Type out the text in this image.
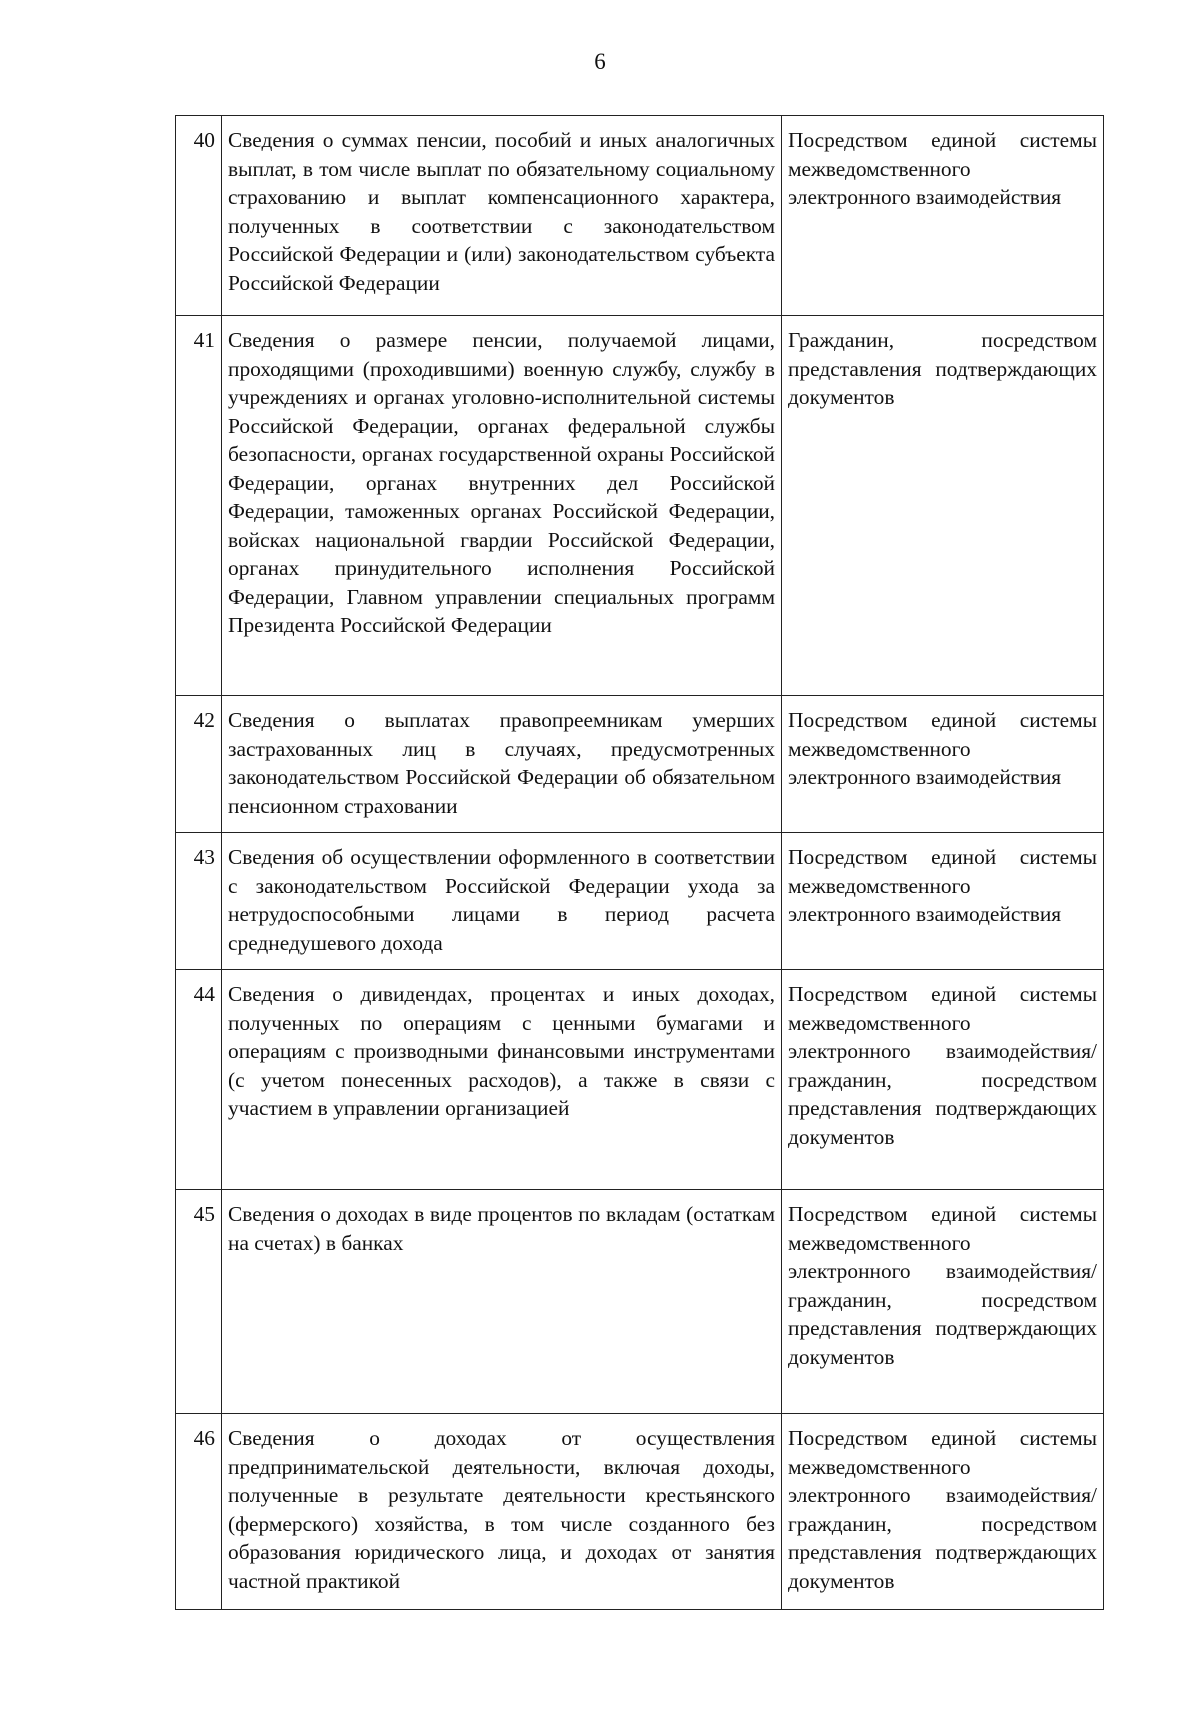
6
40	Сведения о суммах пенсии, пособий и иных аналогичных выплат, в том числе выплат по обязательному социальному страхованию и выплат компенсационного характера, полученных в соответствии с законодательством Российской Федерации и (или) законодательством субъекта Российской Федерации	Посредством единой системы межведомственного электронного взаимодействия

41	Сведения о размере пенсии, получаемой лицами, проходящими (проходившими) военную службу, службу в учреждениях и органах уголовно-исполнительной системы Российской Федерации, органах федеральной службы безопасности, органах государственной охраны Российской Федерации, органах внутренних дел Российской Федерации, таможенных органах Российской Федерации, войсках национальной гвардии Российской Федерации, органах принудительного исполнения Российской Федерации, Главном управлении специальных программ Президента Российской Федерации	Гражданин, посредством представления подтверждающих документов

42	Сведения о выплатах правопреемникам умерших застрахованных лиц в случаях, предусмотренных законодательством Российской Федерации об обязательном пенсионном страховании	Посредством единой системы межведомственного электронного взаимодействия

43	Сведения об осуществлении оформленного в соответствии с законодательством Российской Федерации ухода за нетрудоспособными лицами в период расчета среднедушевого дохода	Посредством единой системы межведомственного электронного взаимодействия

44	Сведения о дивидендах, процентах и иных доходах, полученных по операциям с ценными бумагами и операциям с производными финансовыми инструментами (с учетом понесенных расходов), а также в связи с участием в управлении организацией	Посредством единой системы межведомственного электронного взаимодействия/гражданин, посредством представления подтверждающих документов

45	Сведения о доходах в виде процентов по вкладам (остаткам на счетах) в банках	Посредством единой системы межведомственного электронного взаимодействия/гражданин, посредством представления подтверждающих документов

46	Сведения о доходах от осуществления предпринимательской деятельности, включая доходы, полученные в результате деятельности крестьянского (фермерского) хозяйства, в том числе созданного без образования юридического лица, и доходах от занятия частной практикой	Посредством единой системы межведомственного электронного взаимодействия/гражданин, посредством представления подтверждающих документов
